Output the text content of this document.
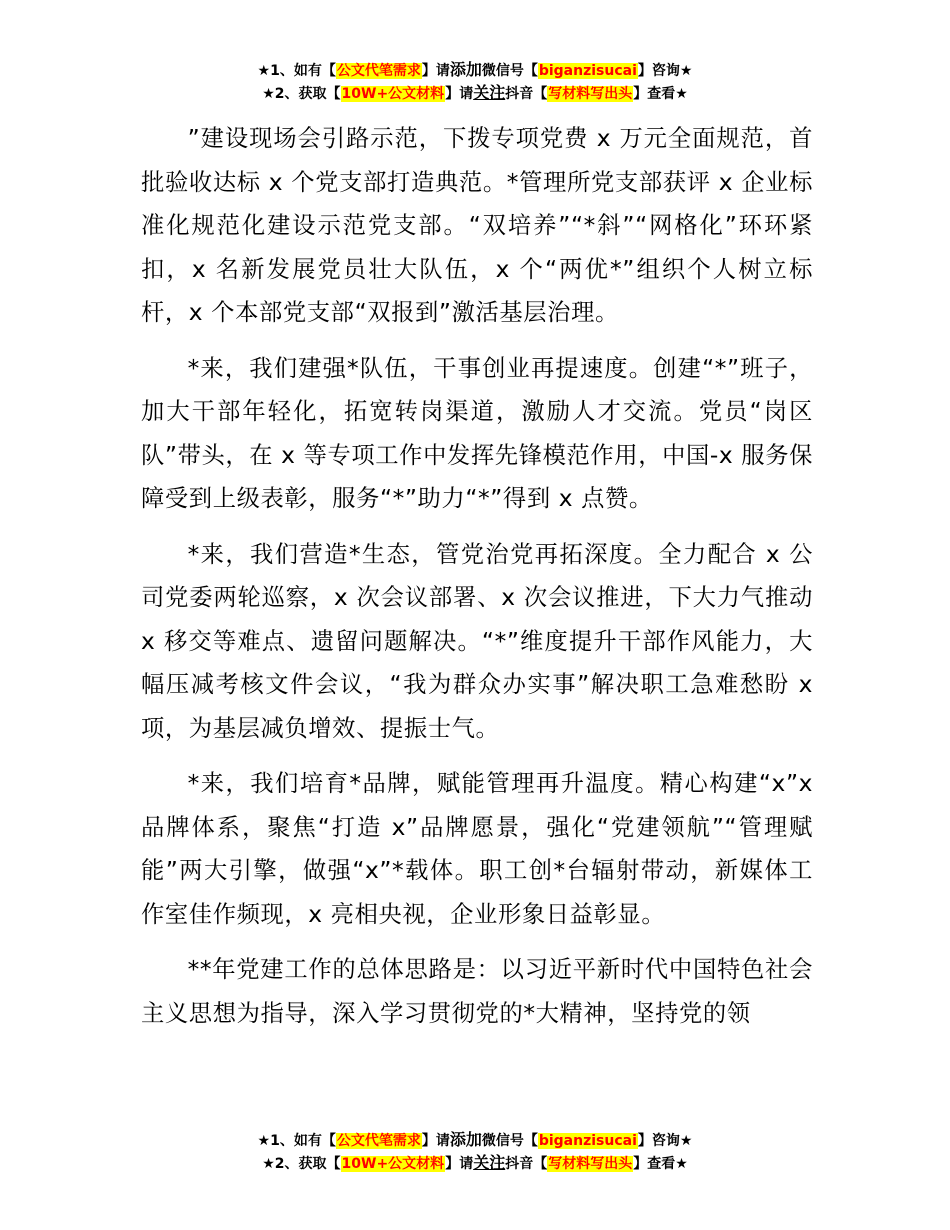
★1、如有【公文代笔需求】请添加微信号【biganzisucai】咨询★
★2、获取【10W+公文材料】请关注抖音【写材料写出头】查看★

”建设现场会引路示范，下拨专项党费 x 万元全面规范，首批验收达标 x 个党支部打造典范。*管理所党支部获评 x 企业标准化规范化建设示范党支部。“双培养”“*斜”“网格化”环环紧扣，x 名新发展党员壮大队伍，x 个“两优*”组织个人树立标杆，x 个本部党支部“双报到”激活基层治理。

*来，我们建强*队伍，干事创业再提速度。创建“*”班子，加大干部年轻化，拓宽转岗渠道，激励人才交流。党员“岗区队”带头，在 x 等专项工作中发挥先锋模范作用，中国-x 服务保障受到上级表彰，服务“*”助力“*”得到 x 点赞。

*来，我们营造*生态，管党治党再拓深度。全力配合 x 公司党委两轮巡察，x 次会议部署、x 次会议推进，下大力气推动 x 移交等难点、遗留问题解决。“*”维度提升干部作风能力，大幅压减考核文件会议，“我为群众办实事”解决职工急难愁盼 x 项，为基层减负增效、提振士气。

*来，我们培育*品牌，赋能管理再升温度。精心构建“x”x 品牌体系，聚焦“打造 x”品牌愿景，强化“党建领航”“管理赋能”两大引擎，做强“x”*载体。职工创*台辐射带动，新媒体工作室佳作频现，x 亮相央视，企业形象日益彰显。

**年党建工作的总体思路是：以习近平新时代中国特色社会主义思想为指导，深入学习贯彻党的*大精神，坚持党的领

★1、如有【公文代笔需求】请添加微信号【biganzisucai】咨询★
★2、获取【10W+公文材料】请关注抖音【写材料写出头】查看★
